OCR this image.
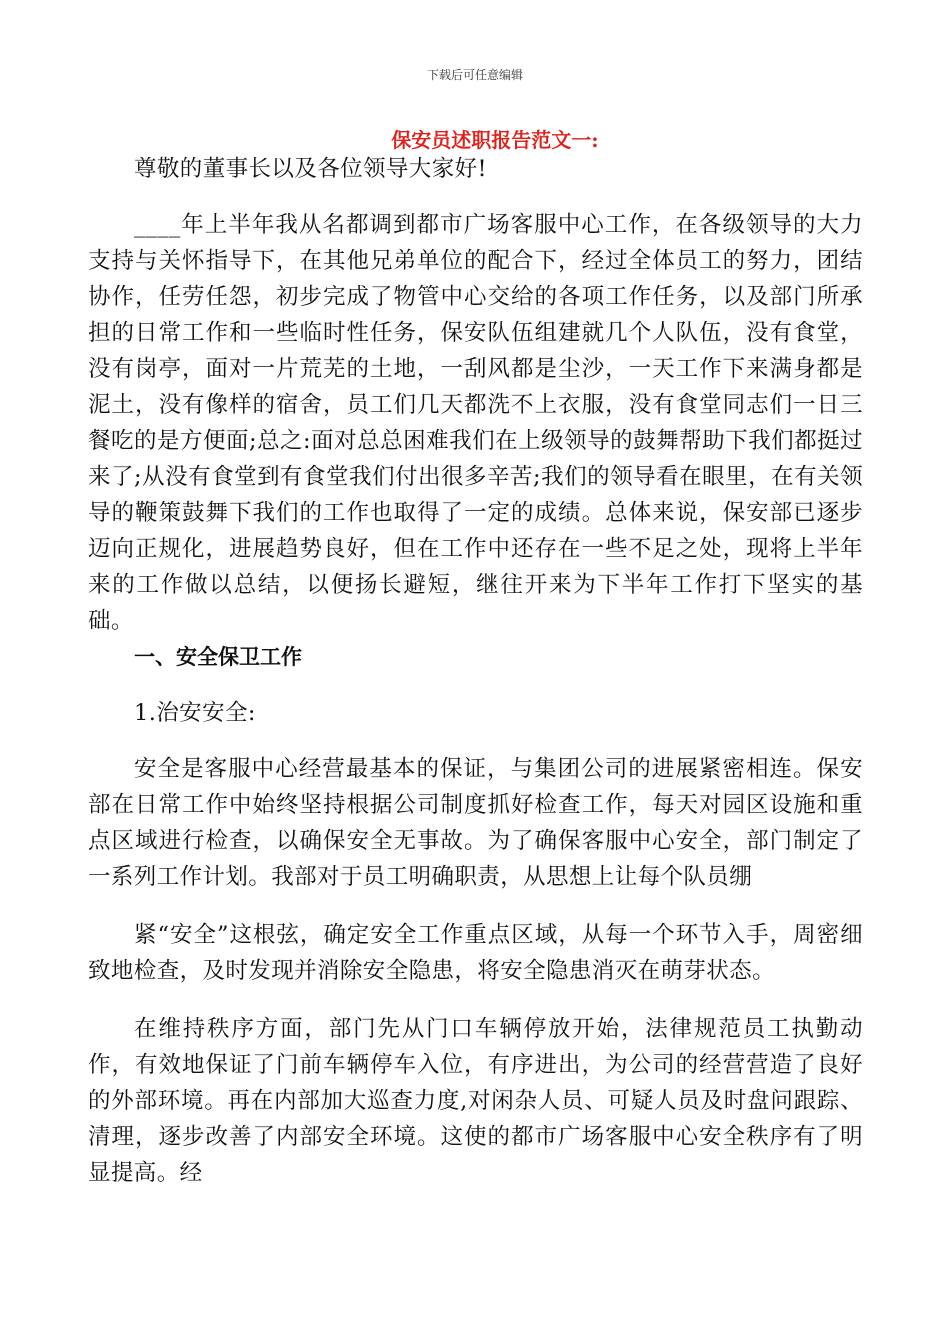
下载后可任意编辑
保安员述职报告范文一:

尊敬的董事长以及各位领导大家好!

____年上半年我从名都调到都市广场客服中心工作，在各级领导的大力支持与关怀指导下，在其他兄弟单位的配合下，经过全体员工的努力，团结协作，任劳任怨，初步完成了物管中心交给的各项工作任务，以及部门所承担的日常工作和一些临时性任务，保安队伍组建就几个人队伍，没有食堂，没有岗亭，面对一片荒芜的土地，一刮风都是尘沙，一天工作下来满身都是泥土，没有像样的宿舍，员工们几天都洗不上衣服，没有食堂同志们一日三餐吃的是方便面;总之:面对总总困难我们在上级领导的鼓舞帮助下我们都挺过来了;从没有食堂到有食堂我们付出很多辛苦;我们的领导看在眼里，在有关领导的鞭策鼓舞下我们的工作也取得了一定的成绩。总体来说，保安部已逐步迈向正规化，进展趋势良好，但在工作中还存在一些不足之处，现将上半年来的工作做以总结，以便扬长避短，继往开来为下半年工作打下坚实的基础。

一、安全保卫工作

1.治安安全:

安全是客服中心经营最基本的保证，与集团公司的进展紧密相连。保安部在日常工作中始终坚持根据公司制度抓好检查工作，每天对园区设施和重点区域进行检查，以确保安全无事故。为了确保客服中心安全，部门制定了一系列工作计划。我部对于员工明确职责，从思想上让每个队员绷

紧“安全”这根弦，确定安全工作重点区域，从每一个环节入手，周密细致地检查，及时发现并消除安全隐患，将安全隐患消灭在萌芽状态。

在维持秩序方面，部门先从门口车辆停放开始，法律规范员工执勤动作，有效地保证了门前车辆停车入位，有序进出，为公司的经营营造了良好的外部环境。再在内部加大巡查力度,对闲杂人员、可疑人员及时盘问跟踪、清理，逐步改善了内部安全环境。这使的都市广场客服中心安全秩序有了明显提高。经
